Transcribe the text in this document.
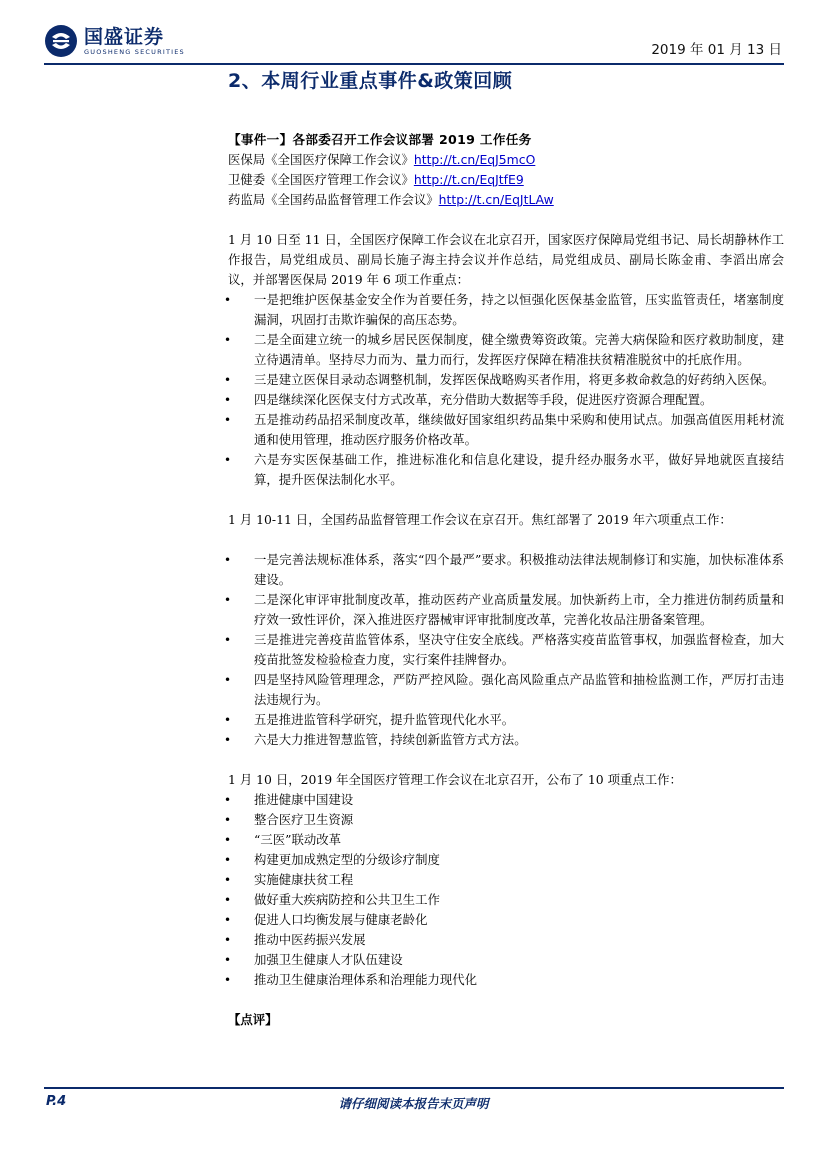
国盛证券
GUOSHENG SECURITIES	2019 年 01 月 13 日
2、本周行业重点事件&政策回顾

【事件一】各部委召开工作会议部署 2019 工作任务

医保局《全国医疗保障工作会议》http://t.cn/EqJ5mcO

卫健委《全国医疗管理工作会议》http://t.cn/EqJtfE9

药监局《全国药品监督管理工作会议》http://t.cn/EqJtLAw

1 月 10 日至 11 日，全国医疗保障工作会议在北京召开，国家医疗保障局党组书记、局长胡静林作工作报告，局党组成员、副局长施子海主持会议并作总结，局党组成员、副局长陈金甫、李滔出席会议，并部署医保局 2019 年 6 项工作重点：

• 一是把维护医保基金安全作为首要任务，持之以恒强化医保基金监管，压实监管责任，堵塞制度漏洞，巩固打击欺诈骗保的高压态势。
• 二是全面建立统一的城乡居民医保制度，健全缴费筹资政策。完善大病保险和医疗救助制度，建立待遇清单。坚持尽力而为、量力而行，发挥医疗保障在精准扶贫精准脱贫中的托底作用。
• 三是建立医保目录动态调整机制，发挥医保战略购买者作用，将更多救命救急的好药纳入医保。
• 四是继续深化医保支付方式改革，充分借助大数据等手段，促进医疗资源合理配置。
• 五是推动药品招采制度改革，继续做好国家组织药品集中采购和使用试点。加强高值医用耗材流通和使用管理，推动医疗服务价格改革。
• 六是夯实医保基础工作，推进标准化和信息化建设，提升经办服务水平，做好异地就医直接结算，提升医保法制化水平。

1 月 10-11 日，全国药品监督管理工作会议在京召开。焦红部署了 2019 年六项重点工作：

• 一是完善法规标准体系，落实“四个最严”要求。积极推动法律法规制修订和实施，加快标准体系建设。
• 二是深化审评审批制度改革，推动医药产业高质量发展。加快新药上市，全力推进仿制药质量和疗效一致性评价，深入推进医疗器械审评审批制度改革，完善化妆品注册备案管理。
• 三是推进完善疫苗监管体系，坚决守住安全底线。严格落实疫苗监管事权，加强监督检查，加大疫苗批签发检验检查力度，实行案件挂牌督办。
• 四是坚持风险管理理念，严防严控风险。强化高风险重点产品监管和抽检监测工作，严厉打击违法违规行为。
• 五是推进监管科学研究，提升监管现代化水平。
• 六是大力推进智慧监管，持续创新监管方式方法。

1 月 10 日，2019 年全国医疗管理工作会议在北京召开，公布了 10 项重点工作：

• 推进健康中国建设
• 整合医疗卫生资源
• “三医”联动改革
• 构建更加成熟定型的分级诊疗制度
• 实施健康扶贫工程
• 做好重大疾病防控和公共卫生工作
• 促进人口均衡发展与健康老龄化
• 推动中医药振兴发展
• 加强卫生健康人才队伍建设
• 推动卫生健康治理体系和治理能力现代化

【点评】

P.4	请仔细阅读本报告末页声明
